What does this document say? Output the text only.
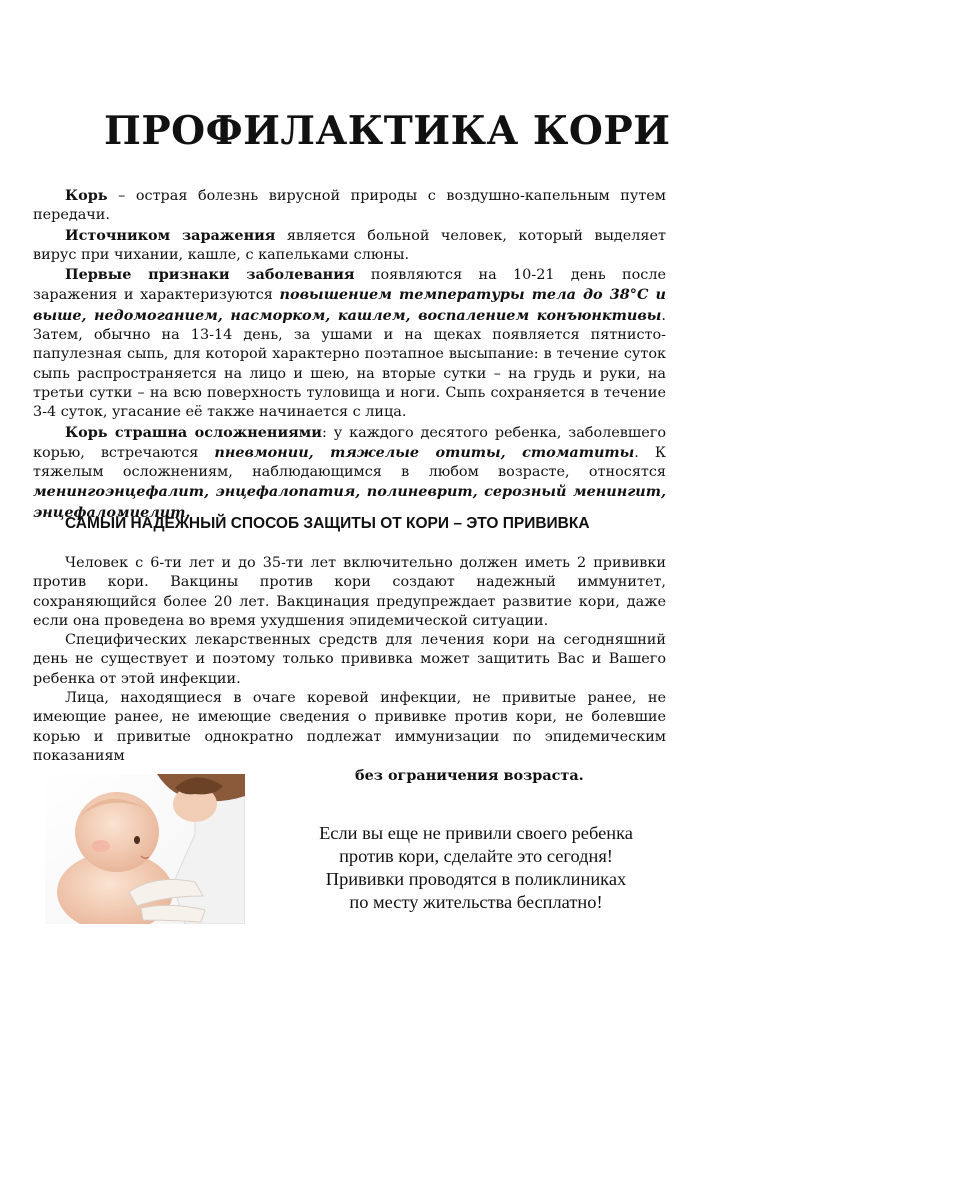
ПРОФИЛАКТИКА КОРИ

Корь – острая болезнь вирусной природы с воздушно-капельным путем передачи.

Источником заражения является больной человек, который выделяет вирус при чихании, кашле, с капельками слюны.

Первые признаки заболевания появляются на 10-21 день после заражения и характеризуются повышением температуры тела до 38°С и выше, недомоганием, насморком, кашлем, воспалением конъюнктивы. Затем, обычно на 13-14 день, за ушами и на щеках появляется пятнисто-папулезная сыпь, для которой характерно поэтапное высыпание: в течение суток сыпь распространяется на лицо и шею, на вторые сутки – на грудь и руки, на третьи сутки – на всю поверхность туловища и ноги. Сыпь сохраняется в течение 3-4 суток, угасание её также начинается с лица.

Корь страшна осложнениями: у каждого десятого ребенка, заболевшего корью, встречаются пневмонии, тяжелые отиты, стоматиты. К тяжелым осложнениям, наблюдающимся в любом возрасте, относятся менингоэнцефалит, энцефалопатия, полиневрит, серозный менингит, энцефаломиелит.

САМЫЙ НАДЕЖНЫЙ СПОСОБ ЗАЩИТЫ ОТ КОРИ – ЭТО ПРИВИВКА

Человек с 6-ти лет и до 35-ти лет включительно должен иметь 2 прививки против кори. Вакцины против кори создают надежный иммунитет, сохраняющийся более 20 лет. Вакцинация предупреждает развитие кори, даже если она проведена во время ухудшения эпидемической ситуации.

Специфических лекарственных средств для лечения кори на сегодняшний день не существует и поэтому только прививка может защитить Вас и Вашего ребенка от этой инфекции.

Лица, находящиеся в очаге коревой инфекции, не привитые ранее, не имеющие ранее, не имеющие сведения о прививке против кори, не болевшие корью и привитые однократно подлежат иммунизации по эпидемическим показаниям

без ограничения возраста.

Если вы еще не привили своего ребенка
против кори, сделайте это сегодня!
Прививки проводятся в поликлиниках
по месту жительства бесплатно!
